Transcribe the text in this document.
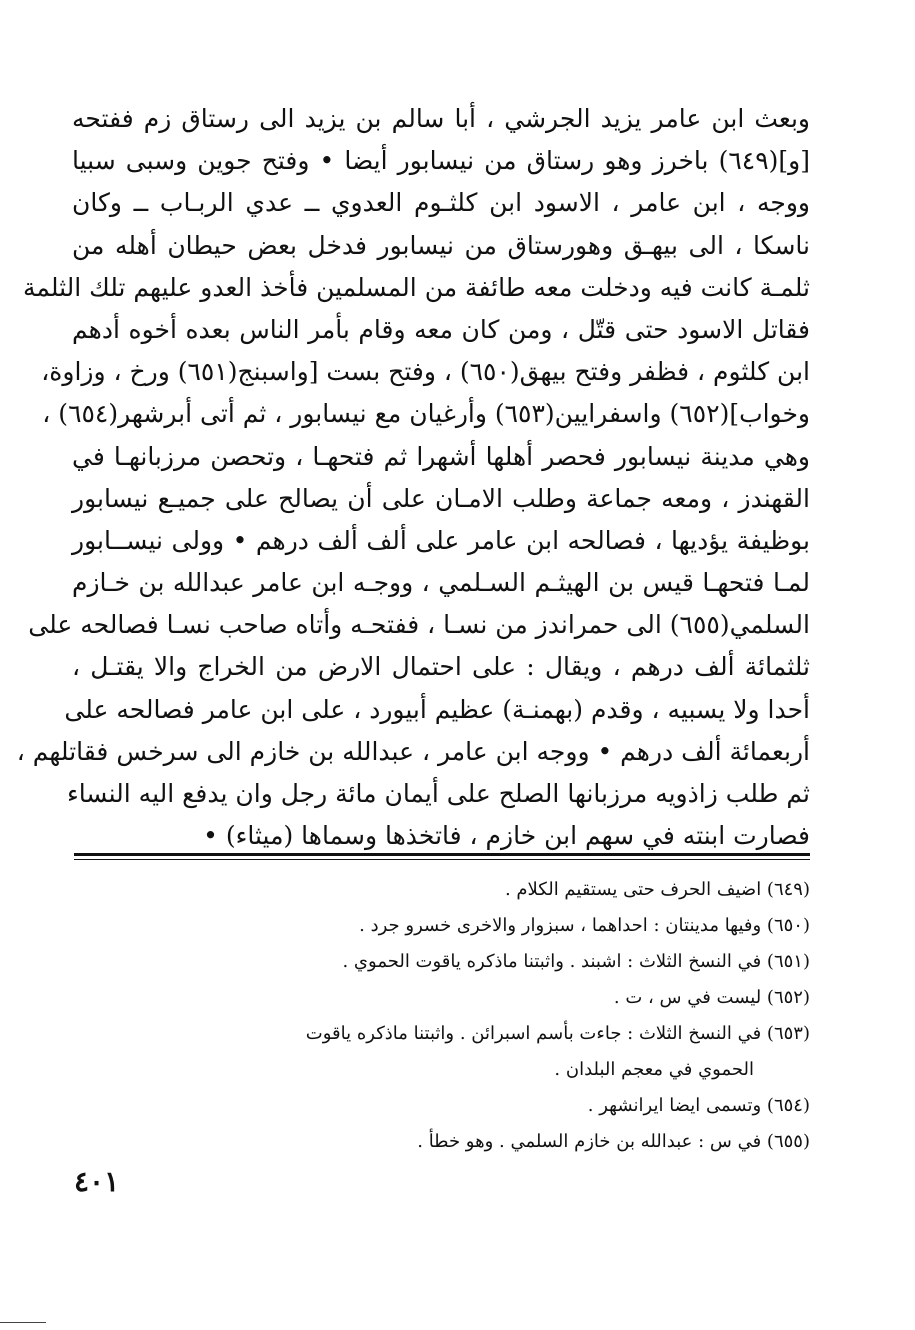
وبعث ابن عامر يزيد الجرشي ، أبا سالم بن يزيد الى رستاق زم ففتحه
[و](٦٤٩) باخرز وهو رستاق من نيسابور أيضا • وفتح جوين وسبى سبيا
ووجه ، ابن عامر ، الاسود ابن كلثـوم العدوي ــ عدي الربـاب ــ وكان
ناسكا ، الى بيهـق وهورستاق من نيسابور فدخل بعض حيطان أهله من
ثلمـة كانت فيه ودخلت معه طائفة من المسلمين فأخذ العدو عليهم تلك الثلمة
فقاتل الاسود حتى قتّل ، ومن كان معه وقام بأمر الناس بعده أخوه أدهم
ابن كلثوم ، فظفر وفتح بيهق(٦٥٠) ، وفتح بست [واسبنج(٦٥١) ورخ ، وزاوة،
وخواب](٦٥٢) واسفرايين(٦٥٣) وأرغيان مع نيسابور ، ثم أتى أبرشهر(٦٥٤) ،
وهي مدينة نيسابور فحصر أهلها أشهرا ثم فتحهـا ، وتحصن مرزبانهـا في
القهندز ، ومعه جماعة وطلب الامـان على أن يصالح على جميـع نيسابور
بوظيفة يؤديها ، فصالحه ابن عامر على ألف ألف درهم • وولى نيســابور
لمـا فتحهـا قيس بن الهيثـم السـلمي ، ووجـه ابن عامر عبدالله بن خـازم
السلمي(٦٥٥) الى حمراندز من نسـا ، ففتحـه وأتاه صاحب نسـا فصالحه على
ثلثمائة ألف درهم ، ويقال : على احتمال الارض من الخراج والا يقتـل ،
أحدا ولا يسبيه ، وقدم (بهمنـة) عظيم أبيورد ، على ابن عامر فصالحه على
أربعمائة ألف درهم • ووجه ابن عامر ، عبدالله بن خازم الى سرخس فقاتلهم ،
ثم طلب زاذويه مرزبانها الصلح على أيمان مائة رجل وان يدفع اليه النساء
فصارت ابنته في سهم ابن خازم ، فاتخذها وسماها (ميثاء) •
(٦٤٩) اضيف الحرف حتى يستقيم الكلام .
(٦٥٠) وفيها مدينتان : احداهما ، سبزوار والاخرى خسرو جرد .
(٦٥١) في النسخ الثلاث : اشبند . واثبتنا ماذكره ياقوت الحموي .
(٦٥٢) ليست في س ، ت .
(٦٥٣) في النسخ الثلاث : جاءت بأسم اسبرائن . واثبتنا ماذكره ياقوت
الحموي في معجم البلدان .
(٦٥٤) وتسمى ايضا ايرانشهر .
(٦٥٥) في س : عبدالله بن خازم السلمي . وهو خطأ .
٤٠١
